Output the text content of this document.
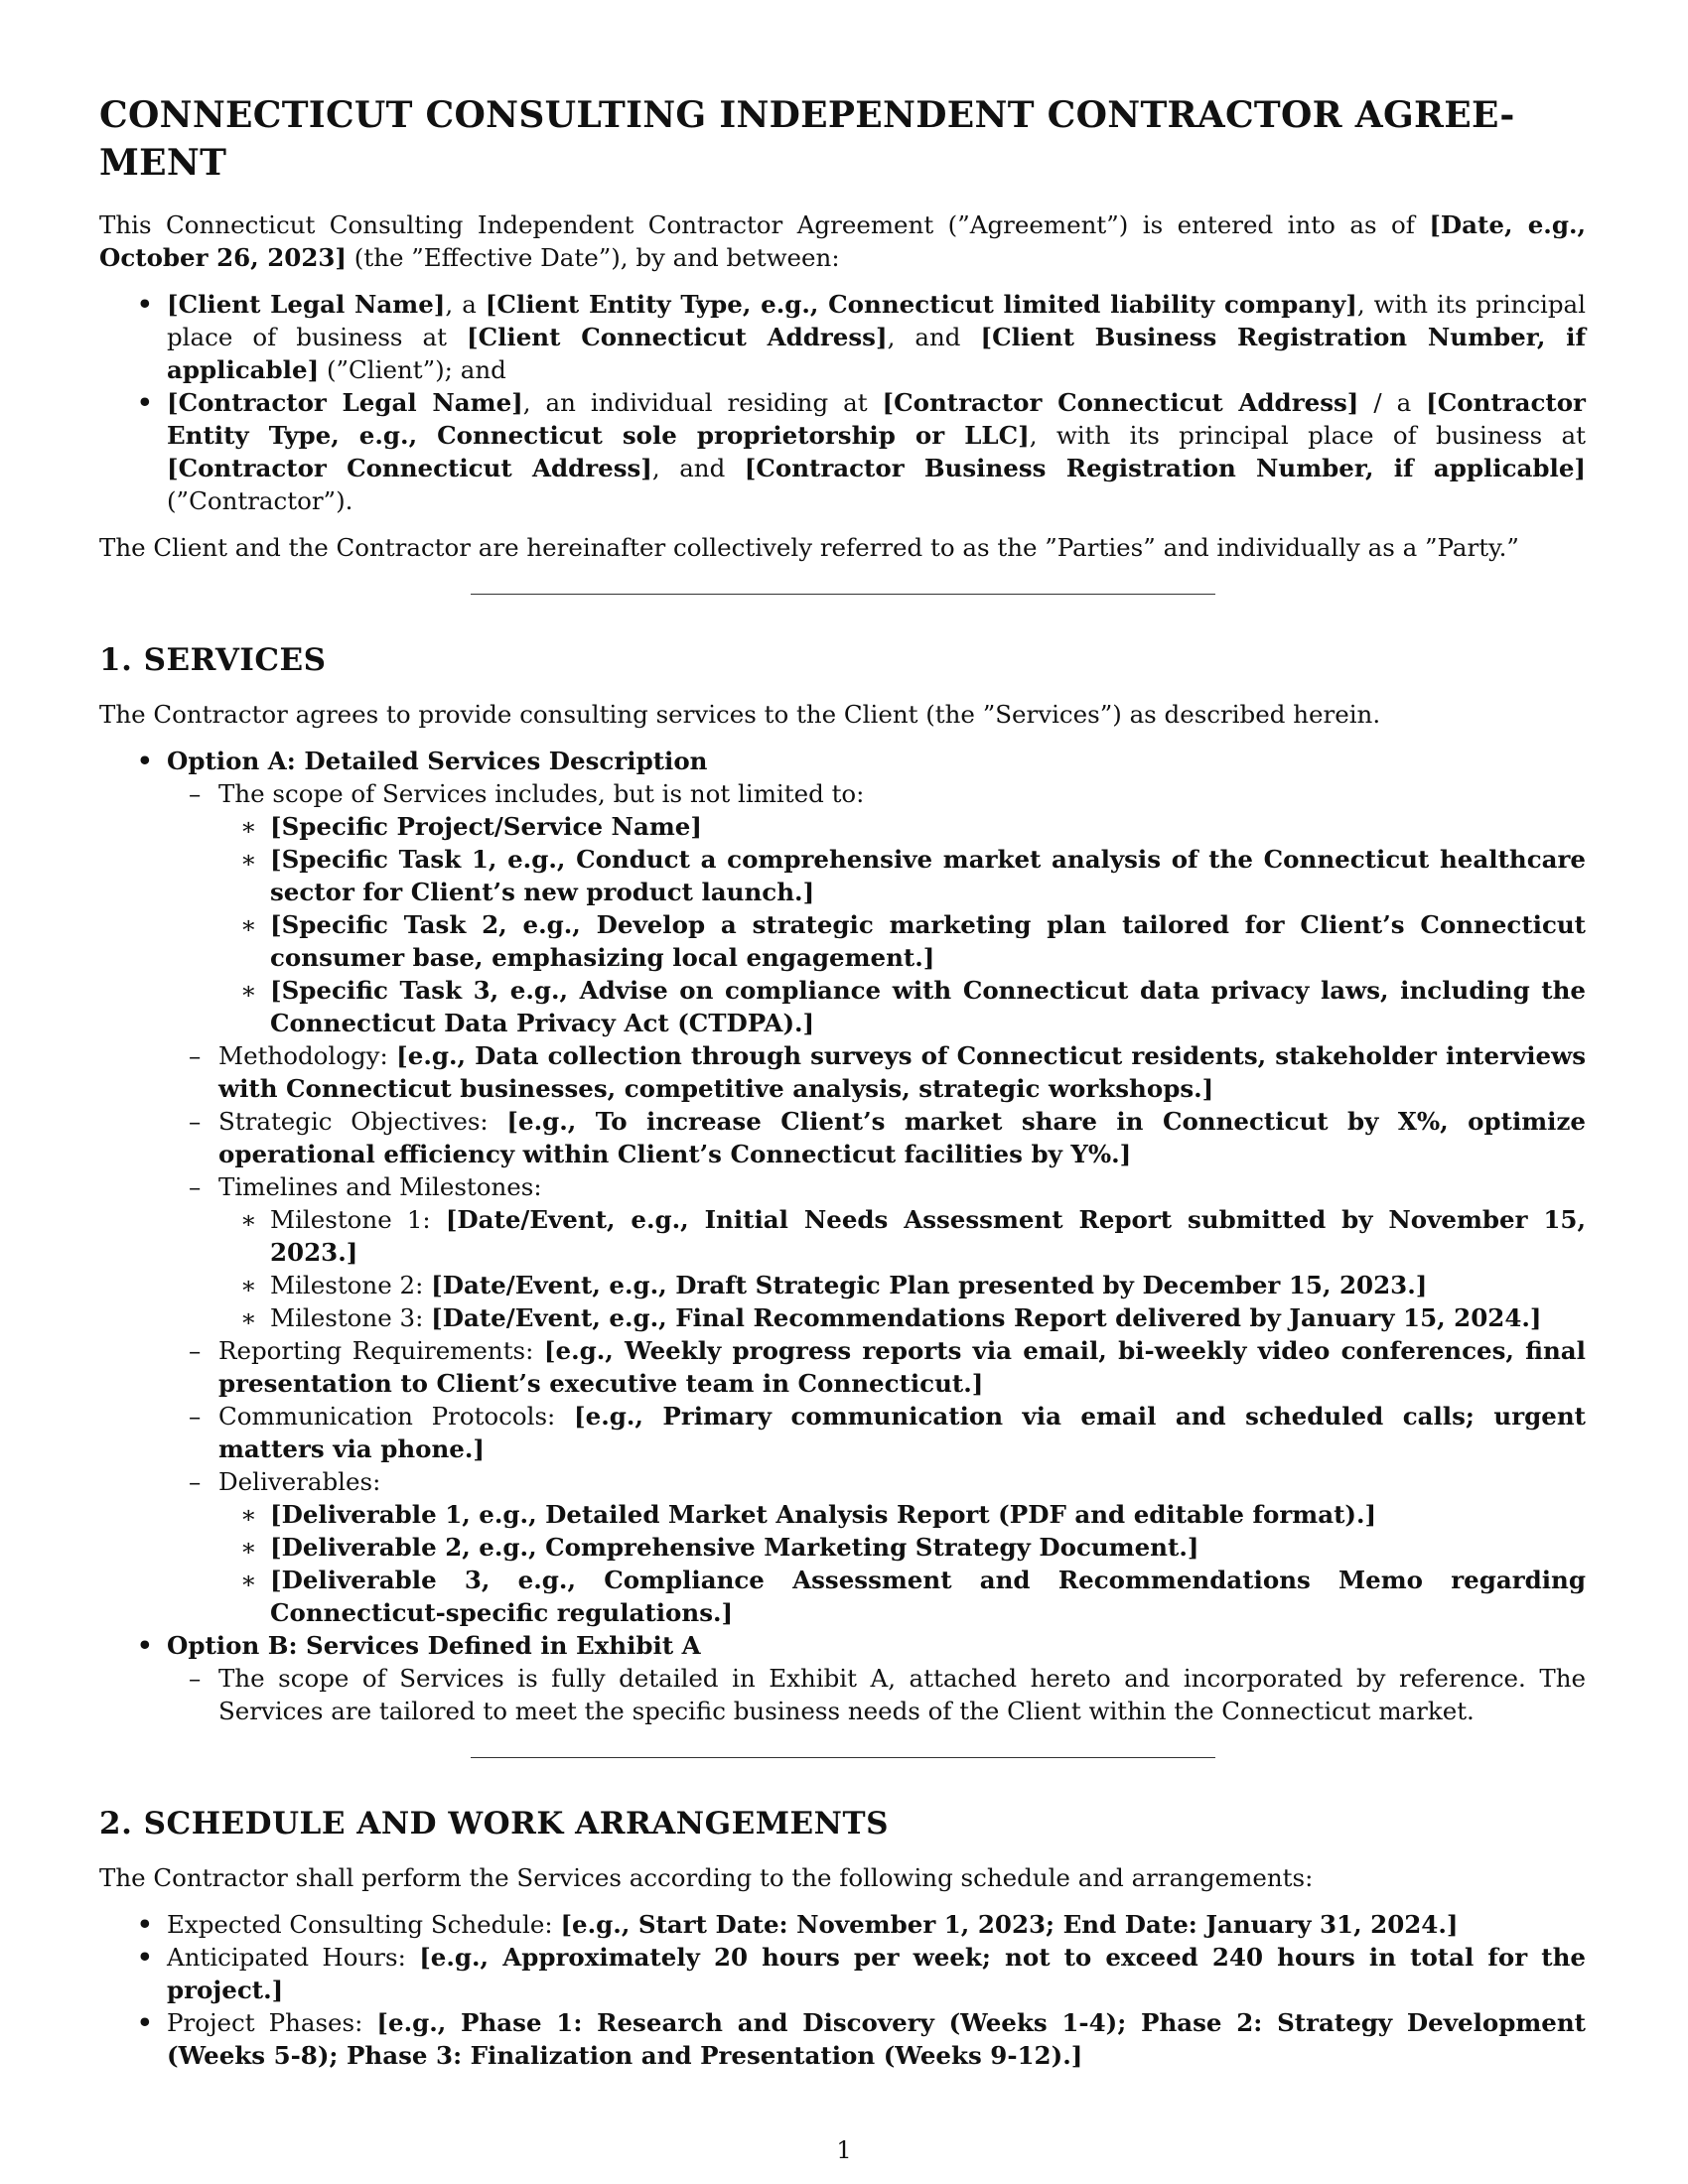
CONNECTICUT CONSULTING INDEPENDENT CONTRACTOR AGREE-MENT

This Connecticut Consulting Independent Contractor Agreement (”Agreement”) is entered into as of [Date, e.g., October 26, 2023] (the ”Effective Date”), by and between:

• [Client Legal Name], a [Client Entity Type, e.g., Connecticut limited liability company], with its principal place of business at [Client Connecticut Address], and [Client Business Registration Number, if applicable] (”Client”); and
• [Contractor Legal Name], an individual residing at [Contractor Connecticut Address] / a [Contractor Entity Type, e.g., Connecticut sole proprietorship or LLC], with its principal place of business at [Contractor Connecticut Address], and [Contractor Business Registration Number, if applicable] (”Contractor”).

The Client and the Contractor are hereinafter collectively referred to as the ”Parties” and individually as a ”Party.”

1. SERVICES

The Contractor agrees to provide consulting services to the Client (the ”Services”) as described herein.

• Option A: Detailed Services Description
– The scope of Services includes, but is not limited to:
∗ [Specific Project/Service Name]
∗ [Specific Task 1, e.g., Conduct a comprehensive market analysis of the Connecticut healthcare sector for Client’s new product launch.]
∗ [Specific Task 2, e.g., Develop a strategic marketing plan tailored for Client’s Connecticut consumer base, emphasizing local engagement.]
∗ [Specific Task 3, e.g., Advise on compliance with Connecticut data privacy laws, including the Connecticut Data Privacy Act (CTDPA).]
– Methodology: [e.g., Data collection through surveys of Connecticut residents, stakeholder interviews with Connecticut businesses, competitive analysis, strategic workshops.]
– Strategic Objectives: [e.g., To increase Client’s market share in Connecticut by X%, optimize operational efficiency within Client’s Connecticut facilities by Y%.]
– Timelines and Milestones:
∗ Milestone 1: [Date/Event, e.g., Initial Needs Assessment Report submitted by November 15, 2023.]
∗ Milestone 2: [Date/Event, e.g., Draft Strategic Plan presented by December 15, 2023.]
∗ Milestone 3: [Date/Event, e.g., Final Recommendations Report delivered by January 15, 2024.]
– Reporting Requirements: [e.g., Weekly progress reports via email, bi-weekly video conferences, final presentation to Client’s executive team in Connecticut.]
– Communication Protocols: [e.g., Primary communication via email and scheduled calls; urgent matters via phone.]
– Deliverables:
∗ [Deliverable 1, e.g., Detailed Market Analysis Report (PDF and editable format).]
∗ [Deliverable 2, e.g., Comprehensive Marketing Strategy Document.]
∗ [Deliverable 3, e.g., Compliance Assessment and Recommendations Memo regarding Connecticut-specific regulations.]
• Option B: Services Defined in Exhibit A
– The scope of Services is fully detailed in Exhibit A, attached hereto and incorporated by reference. The Services are tailored to meet the specific business needs of the Client within the Connecticut market.
2. SCHEDULE AND WORK ARRANGEMENTS

The Contractor shall perform the Services according to the following schedule and arrangements:

• Expected Consulting Schedule: [e.g., Start Date: November 1, 2023; End Date: January 31, 2024.]
• Anticipated Hours: [e.g., Approximately 20 hours per week; not to exceed 240 hours in total for the project.]
• Project Phases: [e.g., Phase 1: Research and Discovery (Weeks 1-4); Phase 2: Strategy Development (Weeks 5-8); Phase 3: Finalization and Presentation (Weeks 9-12).]
1
